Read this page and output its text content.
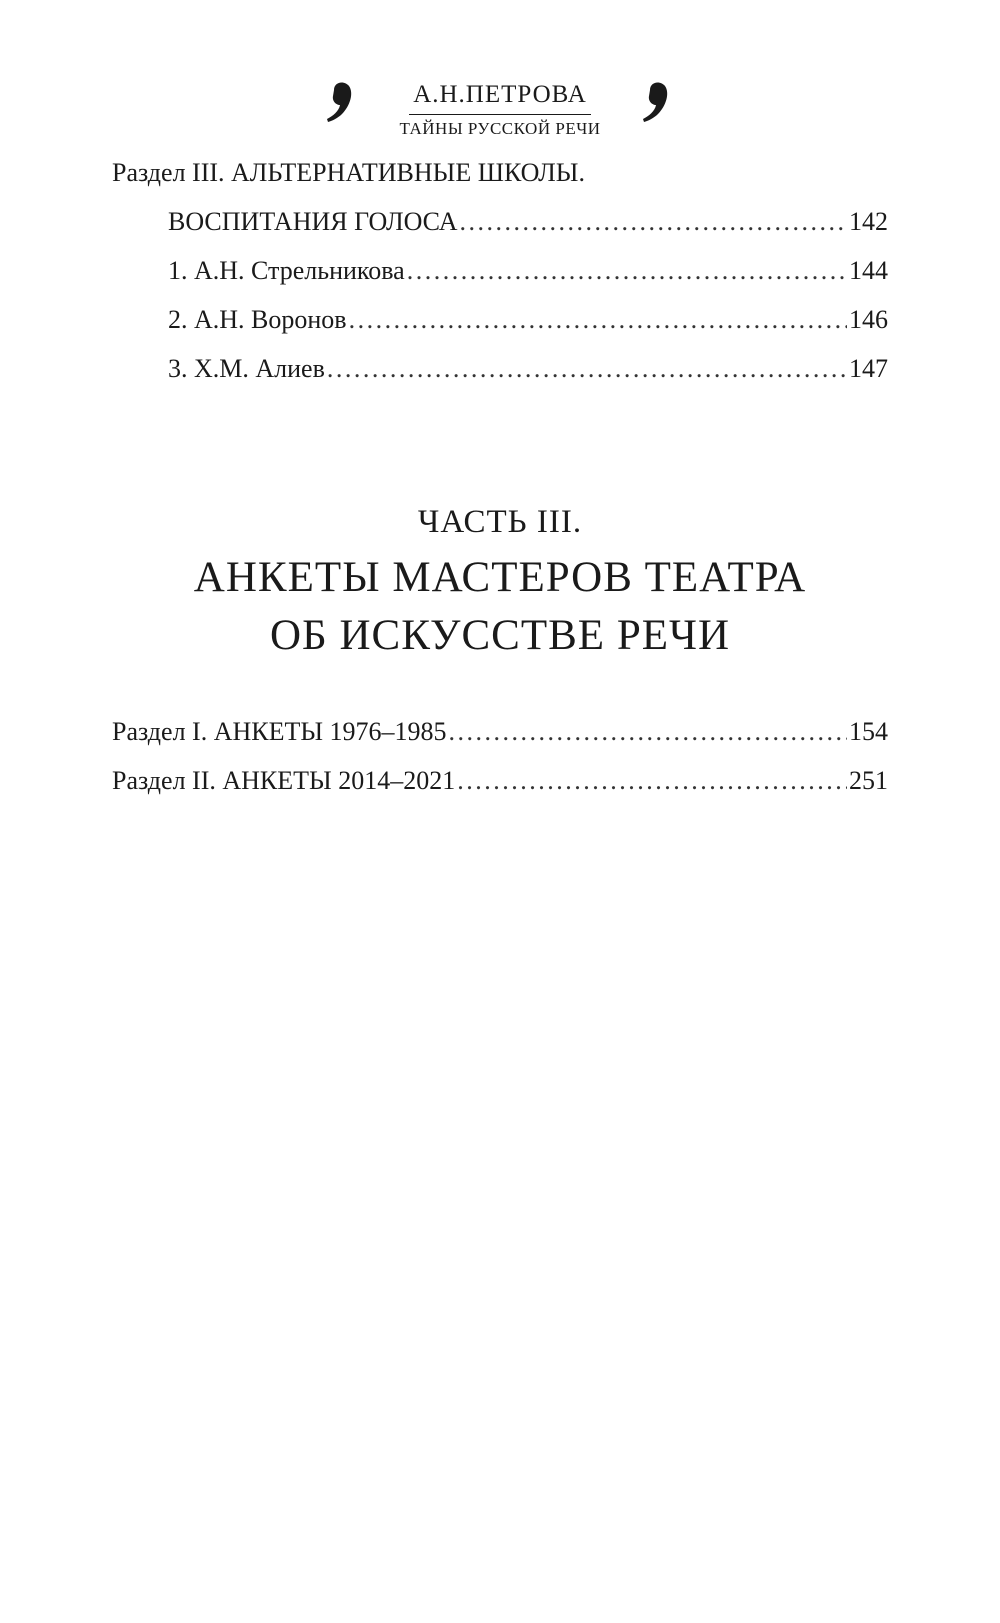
А.Н.ПЕТРОВА
ТАЙНЫ РУССКОЙ РЕЧИ
Раздел III. АЛЬТЕРНАТИВНЫЕ ШКОЛЫ.
ВОСПИТАНИЯ ГОЛОСА . . .	142
1. А.Н. Стрельникова . . .	144
2. А.Н. Воронов . . .	146
3. Х.М. Алиев . . .	147
ЧАСТЬ III.
АНКЕТЫ МАСТЕРОВ ТЕАТРА
ОБ ИСКУССТВЕ РЕЧИ
Раздел I. АНКЕТЫ 1976–1985 . . .	154
Раздел II. АНКЕТЫ 2014–2021 . . .	251
